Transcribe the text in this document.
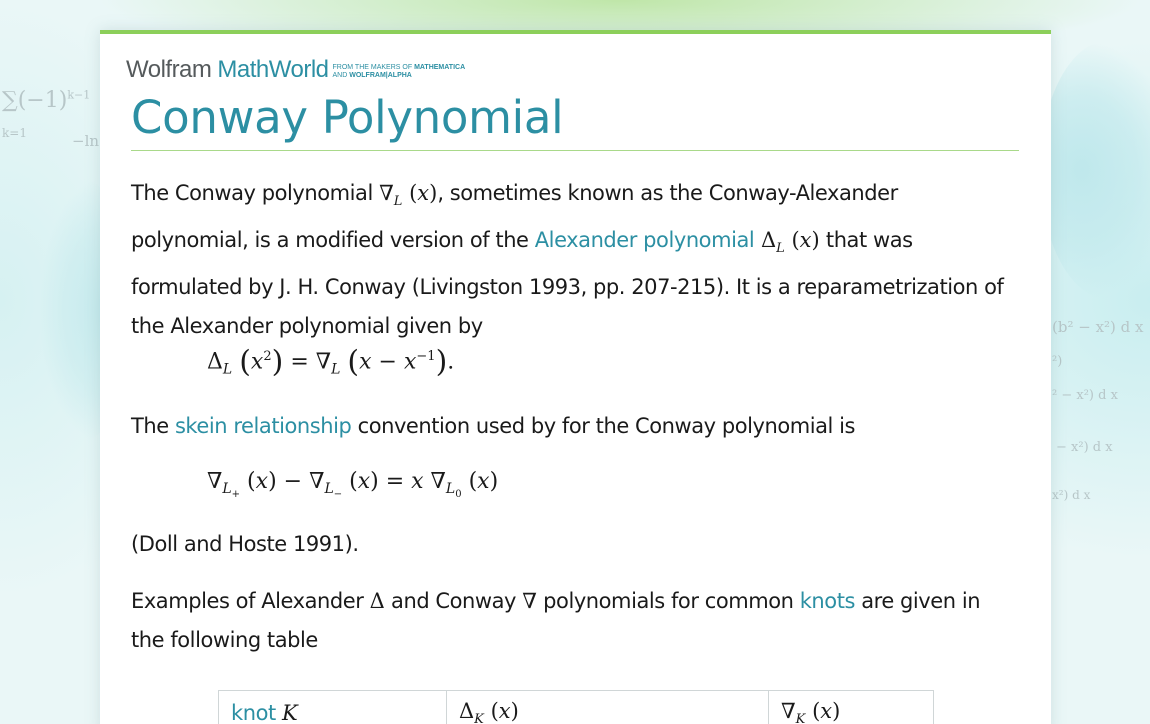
$\sum(-1)^{k-1}$
k=1	−ln
(b² − x²) d x
²)
² − x²) d x
− x²) d x
x²) d x
Wolfram MathWorld FROM THE MAKERS OF MATHEMATICA
AND WOLFRAM|ALPHA
Conway Polynomial

The Conway polynomial $\nabla_L$ (x), sometimes known as the Conway-Alexander polynomial, is a modified version of the Alexander polynomial $\Delta_L$ (x) that was formulated by J. H. Conway (Livingston 1993, pp. 207-215). It is a reparametrization of the Alexander polynomial given by

$\Delta_L$ $(x^2) = \nabla_L$ $(x - x^{-1})$.

The skein relationship convention used by for the Conway polynomial is

$\nabla_{L_+}$ $(x) - \nabla_{L_-}$ (x) = x $\nabla_{L_0}$ (x)

(Doll and Hoste 1991).

Examples of Alexander Δ and Conway ∇ polynomials for common knots are given in the following table

knot K	$\Delta_K$ (x)	$\nabla_K$ (x)
